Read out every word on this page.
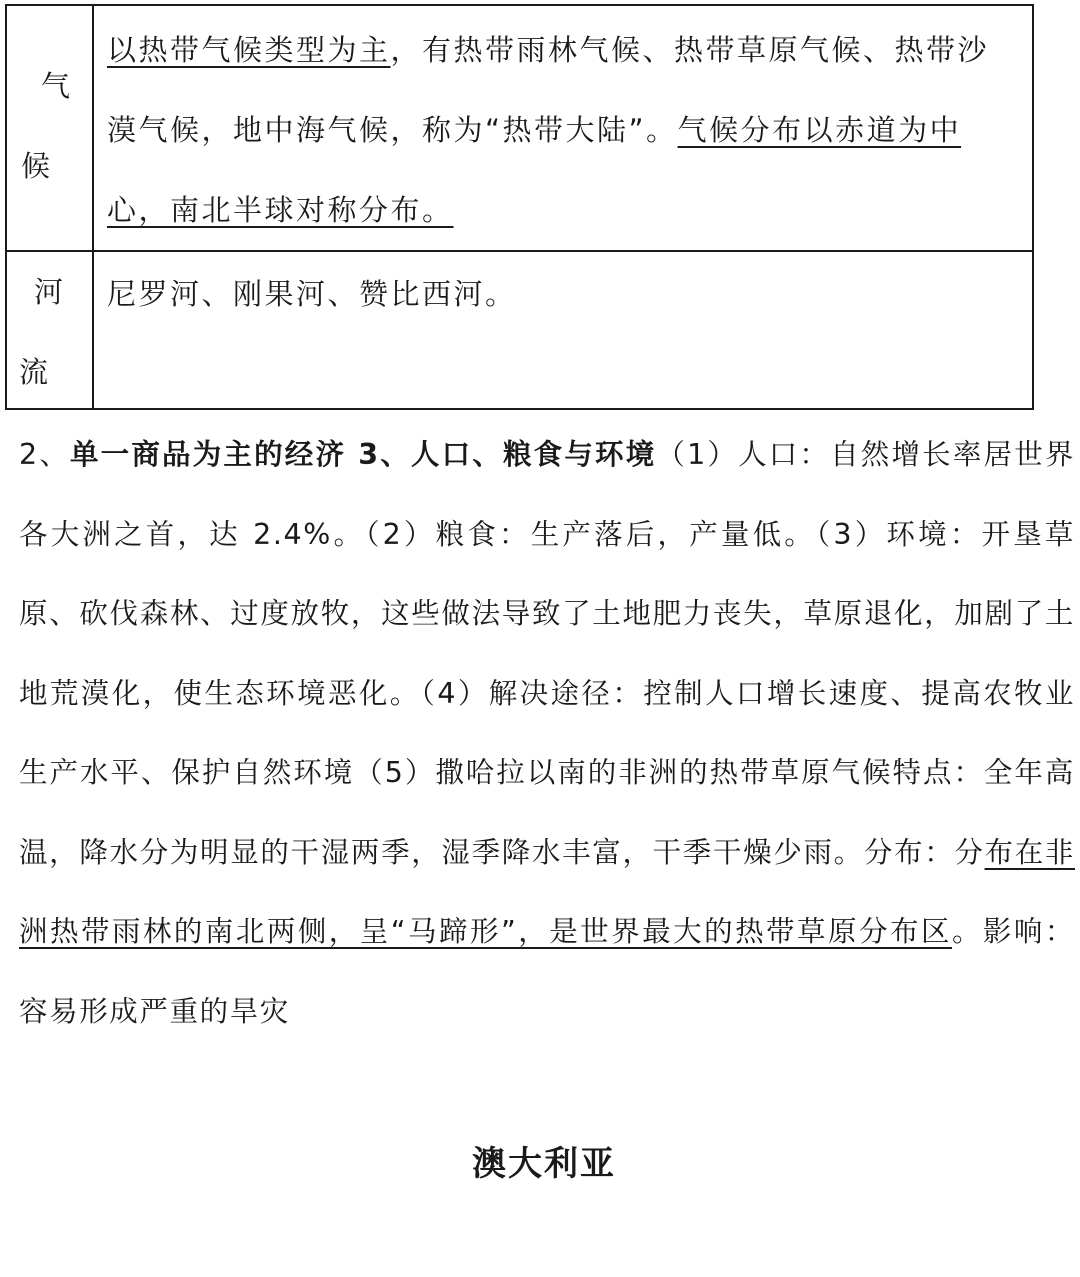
气
候	以热带气候类型为主，有热带雨林气候、热带草原气候、热带沙漠气候，地中海气候，称为“热带大陆”。气候分布以赤道为中心，南北半球对称分布。

河
流	尼罗河、刚果河、赞比西河。
2、单一商品为主的经济 3、人口、粮食与环境（1）人口：自然增长率居世界各大洲之首，达 2.4%。（2）粮食：生产落后，产量低。（3）环境：开垦草原、砍伐森林、过度放牧，这些做法导致了土地肥力丧失，草原退化，加剧了土地荒漠化，使生态环境恶化。（4）解决途径：控制人口增长速度、提高农牧业生产水平、保护自然环境（5）撒哈拉以南的非洲的热带草原气候特点：全年高温，降水分为明显的干湿两季，湿季降水丰富，干季干燥少雨。分布：分布在非洲热带雨林的南北两侧，呈“马蹄形”，是世界最大的热带草原分布区。影响：容易形成严重的旱灾
澳大利亚
